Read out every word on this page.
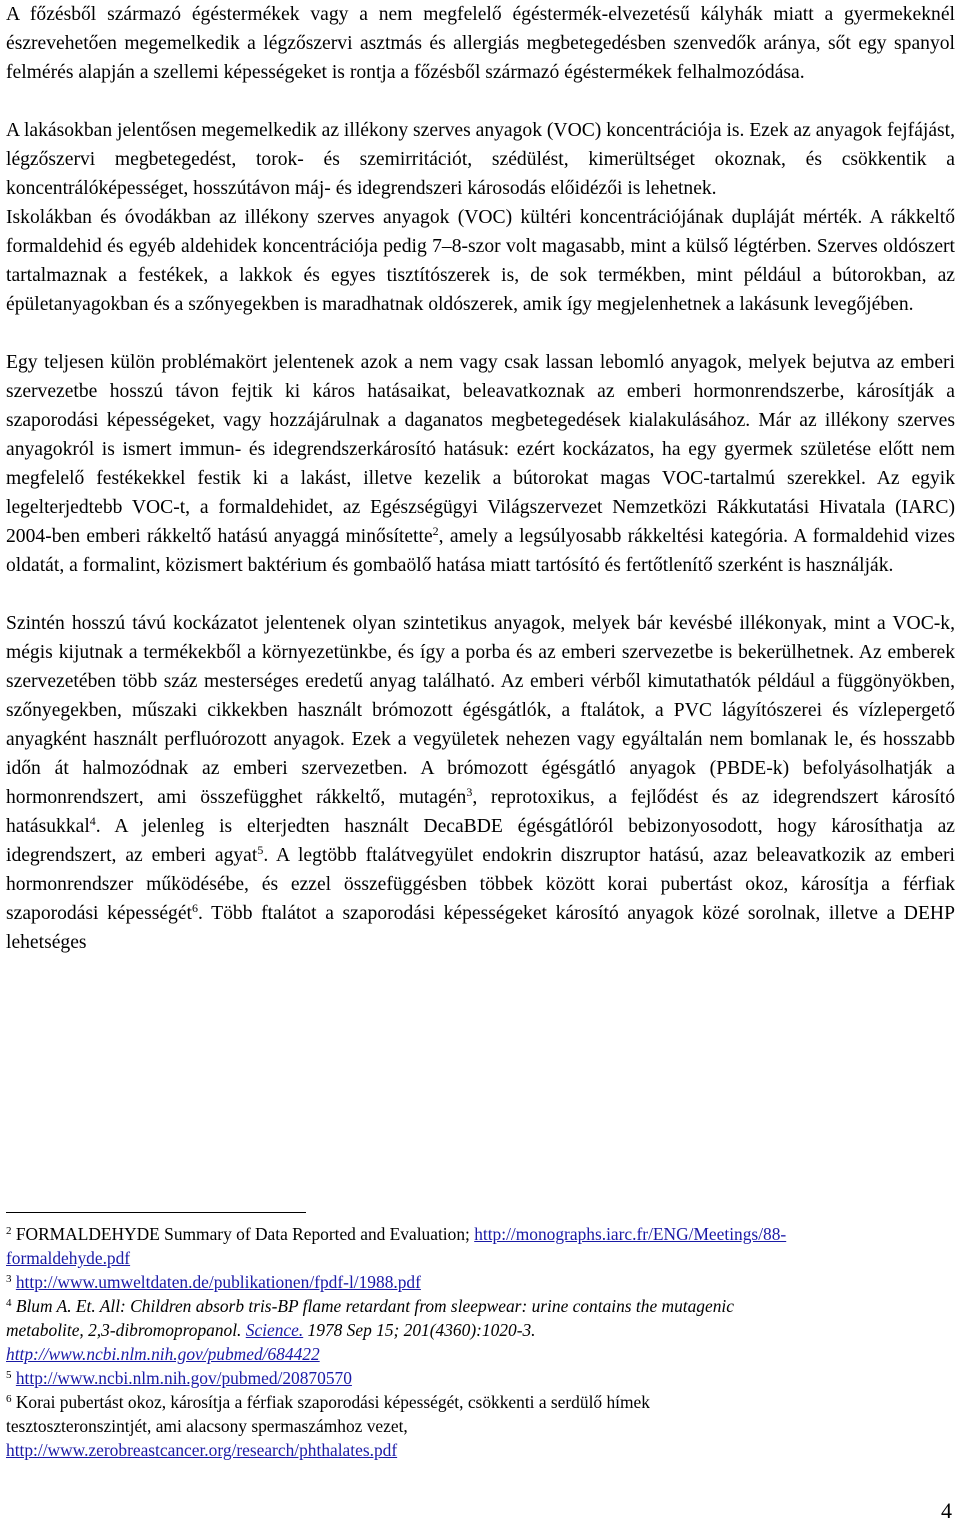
A főzésből származó égéstermékek vagy a nem megfelelő égéstermék-elvezetésű kályhák miatt a gyermekeknél észrevehetően megemelkedik a légzőszervi asztmás és allergiás megbetegedésben szenvedők aránya, sőt egy spanyol felmérés alapján a szellemi képességeket is rontja a főzésből származó égéstermékek felhalmozódása.

A lakásokban jelentősen megemelkedik az illékony szerves anyagok (VOC) koncentrációja is. Ezek az anyagok fejfájást, légzőszervi megbetegedést, torok- és szemirritációt, szédülést, kimerültséget okoznak, és csökkentik a koncentrálóképességet, hosszútávon máj- és idegrendszeri károsodás előidézői is lehetnek.

Iskolákban és óvodákban az illékony szerves anyagok (VOC) kültéri koncentrációjának dupláját mérték. A rákkeltő formaldehid és egyéb aldehidek koncentrációja pedig 7–8-szor volt magasabb, mint a külső légtérben. Szerves oldószert tartalmaznak a festékek, a lakkok és egyes tisztítószerek is, de sok termékben, mint például a bútorokban, az épületanyagokban és a szőnyegekben is maradhatnak oldószerek, amik így megjelenhetnek a lakásunk levegőjében.

Egy teljesen külön problémakört jelentenek azok a nem vagy csak lassan lebomló anyagok, melyek bejutva az emberi szervezetbe hosszú távon fejtik ki káros hatásaikat, beleavatkoznak az emberi hormonrendszerbe, károsítják a szaporodási képességeket, vagy hozzájárulnak a daganatos megbetegedések kialakulásához. Már az illékony szerves anyagokról is ismert immun- és idegrendszerkárosító hatásuk: ezért kockázatos, ha egy gyermek születése előtt nem megfelelő festékekkel festik ki a lakást, illetve kezelik a bútorokat magas VOC-tartalmú szerekkel. Az egyik legelterjedtebb VOC-t, a formaldehidet, az Egészségügyi Világszervezet Nemzetközi Rákkutatási Hivatala (IARC) 2004-ben emberi rákkeltő hatású anyaggá minősítette$^2$, amely a legsúlyosabb rákkeltési kategória. A formaldehid vizes oldatát, a formalint, közismert baktérium és gombaölő hatása miatt tartósító és fertőtlenítő szerként is használják.

Szintén hosszú távú kockázatot jelentenek olyan szintetikus anyagok, melyek bár kevésbé illékonyak, mint a VOC-k, mégis kijutnak a termékekből a környezetünkbe, és így a porba és az emberi szervezetbe is bekerülhetnek. Az emberek szervezetében több száz mesterséges eredetű anyag található. Az emberi vérből kimutathatók például a függönyökben, szőnyegekben, műszaki cikkekben használt brómozott égésgátlók, a ftalátok, a PVC lágyítószerei és vízlepergető anyagként használt perfluórozott anyagok. Ezek a vegyületek nehezen vagy egyáltalán nem bomlanak le, és hosszabb időn át halmozódnak az emberi szervezetben. A brómozott égésgátló anyagok (PBDE-k) befolyásolhatják a hormonrendszert, ami összefügghet rákkeltő, mutagén$^3$, reprotoxikus, a fejlődést és az idegrendszert károsító hatásukkal$^4$. A jelenleg is elterjedten használt DecaBDE égésgátlóról bebizonyosodott, hogy károsíthatja az idegrendszert, az emberi agyat$^5$. A legtöbb ftalátvegyület endokrin diszruptor hatású, azaz beleavatkozik az emberi hormonrendszer működésébe, és ezzel összefüggésben többek között korai pubertást okoz, károsítja a férfiak szaporodási képességét$^6$. Több ftalátot a szaporodási képességeket károsító anyagok közé sorolnak, illetve a DEHP lehetséges

$^2$ FORMALDEHYDE Summary of Data Reported and Evaluation; http://monographs.iarc.fr/ENG/Meetings/88-

formaldehyde.pdf

$^3$ http://www.umweltdaten.de/publikationen/fpdf-l/1988.pdf

$^4$ Blum A. Et. All: Children absorb tris-BP flame retardant from sleepwear: urine contains the mutagenic

metabolite, 2,3-dibromopropanol. Science. 1978 Sep 15; 201(4360):1020-3.

http://www.ncbi.nlm.nih.gov/pubmed/684422

$^5$ http://www.ncbi.nlm.nih.gov/pubmed/20870570

$^6$ Korai pubertást okoz, károsítja a férfiak szaporodási képességét, csökkenti a serdülő hímek

tesztoszteronszintjét, ami alacsony spermaszámhoz vezet,

http://www.zerobreastcancer.org/research/phthalates.pdf

4
